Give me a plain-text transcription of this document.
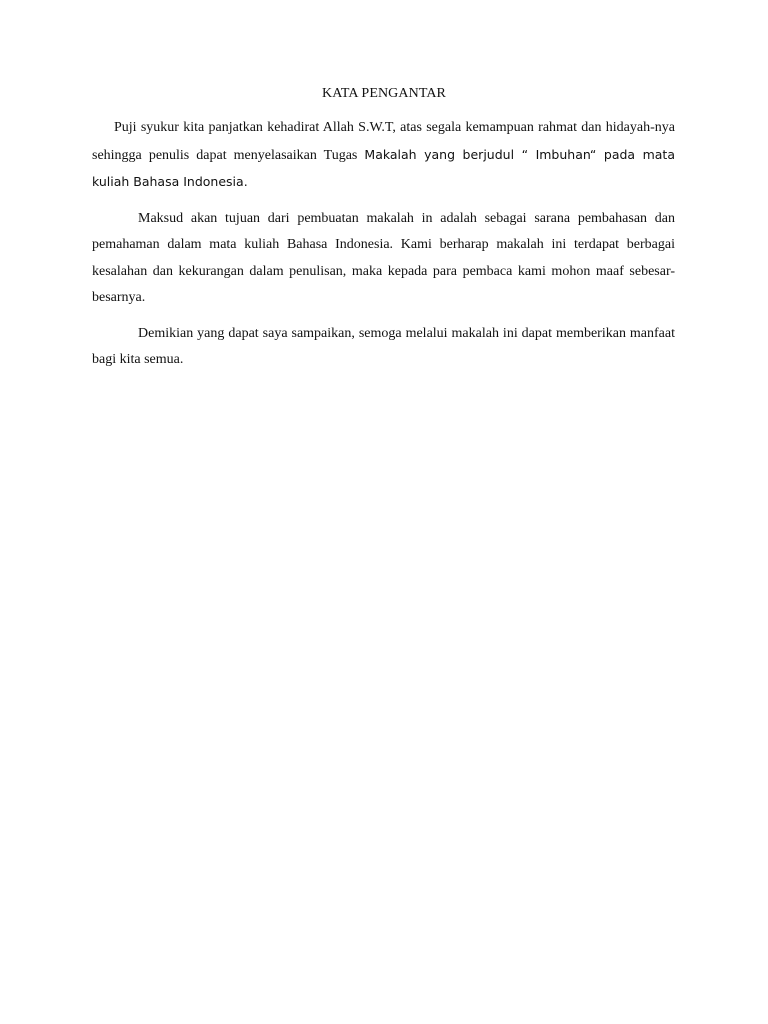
KATA PENGANTAR

Puji syukur kita panjatkan kehadirat Allah S.W.T, atas segala kemampuan rahmat dan hidayah-nya sehingga penulis dapat menyelasaikan Tugas Makalah yang berjudul “ Imbuhan“ pada mata kuliah Bahasa Indonesia.

Maksud akan tujuan dari pembuatan makalah in adalah sebagai sarana pembahasan dan pemahaman dalam mata kuliah Bahasa Indonesia. Kami berharap makalah ini terdapat berbagai kesalahan dan kekurangan dalam penulisan, maka kepada para pembaca kami mohon maaf sebesar-besarnya.

Demikian yang dapat saya sampaikan, semoga melalui makalah ini dapat memberikan manfaat bagi kita semua.
